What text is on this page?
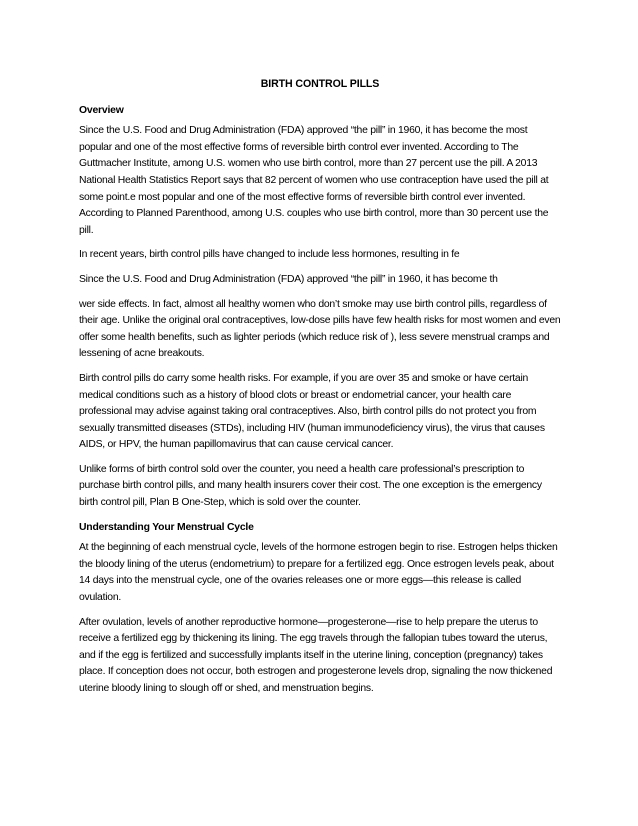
BIRTH CONTROL PILLS
Overview

Since the U.S. Food and Drug Administration (FDA) approved “the pill” in 1960, it has become the most popular and one of the most effective forms of reversible birth control ever invented. According to The Guttmacher Institute, among U.S. women who use birth control, more than 27 percent use the pill. A 2013 National Health Statistics Report says that 82 percent of women who use contraception have used the pill at some point.e most popular and one of the most effective forms of reversible birth control ever invented. According to Planned Parenthood, among U.S. couples who use birth control, more than 30 percent use the pill.

In recent years, birth control pills have changed to include less hormones, resulting in fe

Since the U.S. Food and Drug Administration (FDA) approved “the pill” in 1960, it has become th

wer side effects. In fact, almost all healthy women who don’t smoke may use birth control pills, regardless of their age. Unlike the original oral contraceptives, low-dose pills have few health risks for most women and even offer some health benefits, such as lighter periods (which reduce risk of ), less severe menstrual cramps and lessening of acne breakouts.

Birth control pills do carry some health risks. For example, if you are over 35 and smoke or have certain medical conditions such as a history of blood clots or breast or endometrial cancer, your health care professional may advise against taking oral contraceptives. Also, birth control pills do not protect you from sexually transmitted diseases (STDs), including HIV (human immunodeficiency virus), the virus that causes AIDS, or HPV, the human papillomavirus that can cause cervical cancer.

Unlike forms of birth control sold over the counter, you need a health care professional’s prescription to purchase birth control pills, and many health insurers cover their cost. The one exception is the emergency birth control pill, Plan B One-Step, which is sold over the counter.

Understanding Your Menstrual Cycle

At the beginning of each menstrual cycle, levels of the hormone estrogen begin to rise. Estrogen helps thicken the bloody lining of the uterus (endometrium) to prepare for a fertilized egg. Once estrogen levels peak, about 14 days into the menstrual cycle, one of the ovaries releases one or more eggs—this release is called ovulation.

After ovulation, levels of another reproductive hormone—progesterone—rise to help prepare the uterus to receive a fertilized egg by thickening its lining. The egg travels through the fallopian tubes toward the uterus, and if the egg is fertilized and successfully implants itself in the uterine lining, conception (pregnancy) takes place. If conception does not occur, both estrogen and progesterone levels drop, signaling the now thickened uterine bloody lining to slough off or shed, and menstruation begins.
